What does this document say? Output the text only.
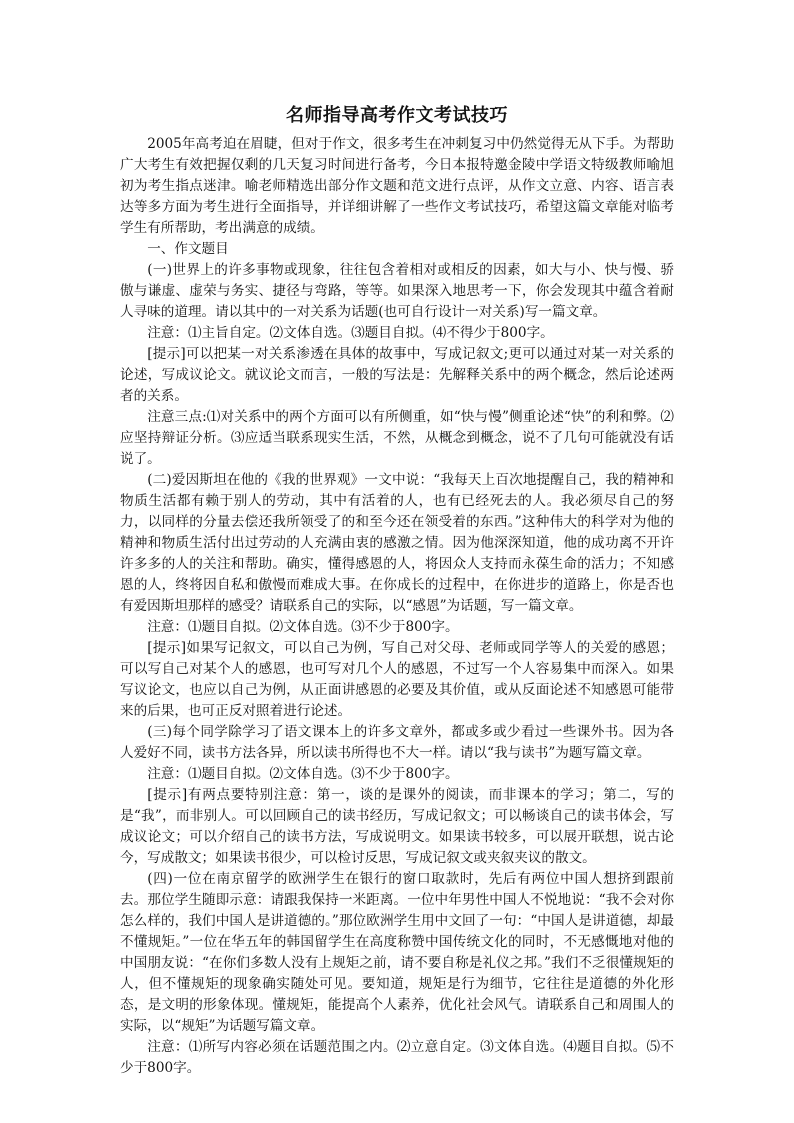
名师指导高考作文考试技巧

2005年高考迫在眉睫，但对于作文，很多考生在冲刺复习中仍然觉得无从下手。为帮助广大考生有效把握仅剩的几天复习时间进行备考，今日本报特邀金陵中学语文特级教师喻旭初为考生指点迷津。喻老师精选出部分作文题和范文进行点评，从作文立意、内容、语言表达等多方面为考生进行全面指导，并详细讲解了一些作文考试技巧，希望这篇文章能对临考学生有所帮助，考出满意的成绩。

一、作文题目

(一)世界上的许多事物或现象，往往包含着相对或相反的因素，如大与小、快与慢、骄傲与谦虚、虚荣与务实、捷径与弯路，等等。如果深入地思考一下，你会发现其中蕴含着耐人寻味的道理。请以其中的一对关系为话题(也可自行设计一对关系)写一篇文章。

注意：⑴主旨自定。⑵文体自选。⑶题目自拟。⑷不得少于800字。

[提示]可以把某一对关系渗透在具体的故事中，写成记叙文;更可以通过对某一对关系的论述，写成议论文。就议论文而言，一般的写法是：先解释关系中的两个概念，然后论述两者的关系。

注意三点:⑴对关系中的两个方面可以有所侧重，如“快与慢”侧重论述“快”的利和弊。⑵应坚持辩证分析。⑶应适当联系现实生活，不然，从概念到概念，说不了几句可能就没有话说了。

(二)爱因斯坦在他的《我的世界观》一文中说：“我每天上百次地提醒自己，我的精神和物质生活都有赖于别人的劳动，其中有活着的人，也有已经死去的人。我必须尽自己的努力，以同样的分量去偿还我所领受了的和至今还在领受着的东西。”这种伟大的科学对为他的精神和物质生活付出过劳动的人充满由衷的感激之情。因为他深深知道，他的成功离不开许许多多的人的关注和帮助。确实，懂得感恩的人，将因众人支持而永葆生命的活力；不知感恩的人，终将因自私和傲慢而难成大事。在你成长的过程中，在你进步的道路上，你是否也有爱因斯坦那样的感受？请联系自己的实际，以“感恩”为话题，写一篇文章。

注意：⑴题目自拟。⑵文体自选。⑶不少于800字。

[提示]如果写记叙文，可以自己为例，写自己对父母、老师或同学等人的关爱的感恩；可以写自己对某个人的感恩，也可写对几个人的感恩，不过写一个人容易集中而深入。如果写议论文，也应以自己为例，从正面讲感恩的必要及其价值，或从反面论述不知感恩可能带来的后果，也可正反对照着进行论述。

(三)每个同学除学习了语文课本上的许多文章外，都或多或少看过一些课外书。因为各人爱好不同，读书方法各异，所以读书所得也不大一样。请以“我与读书”为题写篇文章。

注意：⑴题目自拟。⑵文体自选。⑶不少于800字。

[提示]有两点要特别注意：第一，谈的是课外的阅读，而非课本的学习；第二，写的是“我”，而非别人。可以回顾自己的读书经历，写成记叙文；可以畅谈自己的读书体会，写成议论文；可以介绍自己的读书方法，写成说明文。如果读书较多，可以展开联想，说古论今，写成散文；如果读书很少，可以检讨反思，写成记叙文或夹叙夹议的散文。

(四)一位在南京留学的欧洲学生在银行的窗口取款时，先后有两位中国人想挤到跟前去。那位学生随即示意：请跟我保持一米距离。一位中年男性中国人不悦地说：“我不会对你怎么样的，我们中国人是讲道德的。”那位欧洲学生用中文回了一句：“中国人是讲道德，却最不懂规矩。”一位在华五年的韩国留学生在高度称赞中国传统文化的同时，不无感慨地对他的中国朋友说：“在你们多数人没有上规矩之前，请不要自称是礼仪之邦。”我们不乏很懂规矩的人，但不懂规矩的现象确实随处可见。要知道，规矩是行为细节，它往往是道德的外化形态，是文明的形象体现。懂规矩，能提高个人素养，优化社会风气。请联系自己和周围人的实际，以“规矩”为话题写篇文章。

注意：⑴所写内容必须在话题范围之内。⑵立意自定。⑶文体自选。⑷题目自拟。⑸不少于800字。
